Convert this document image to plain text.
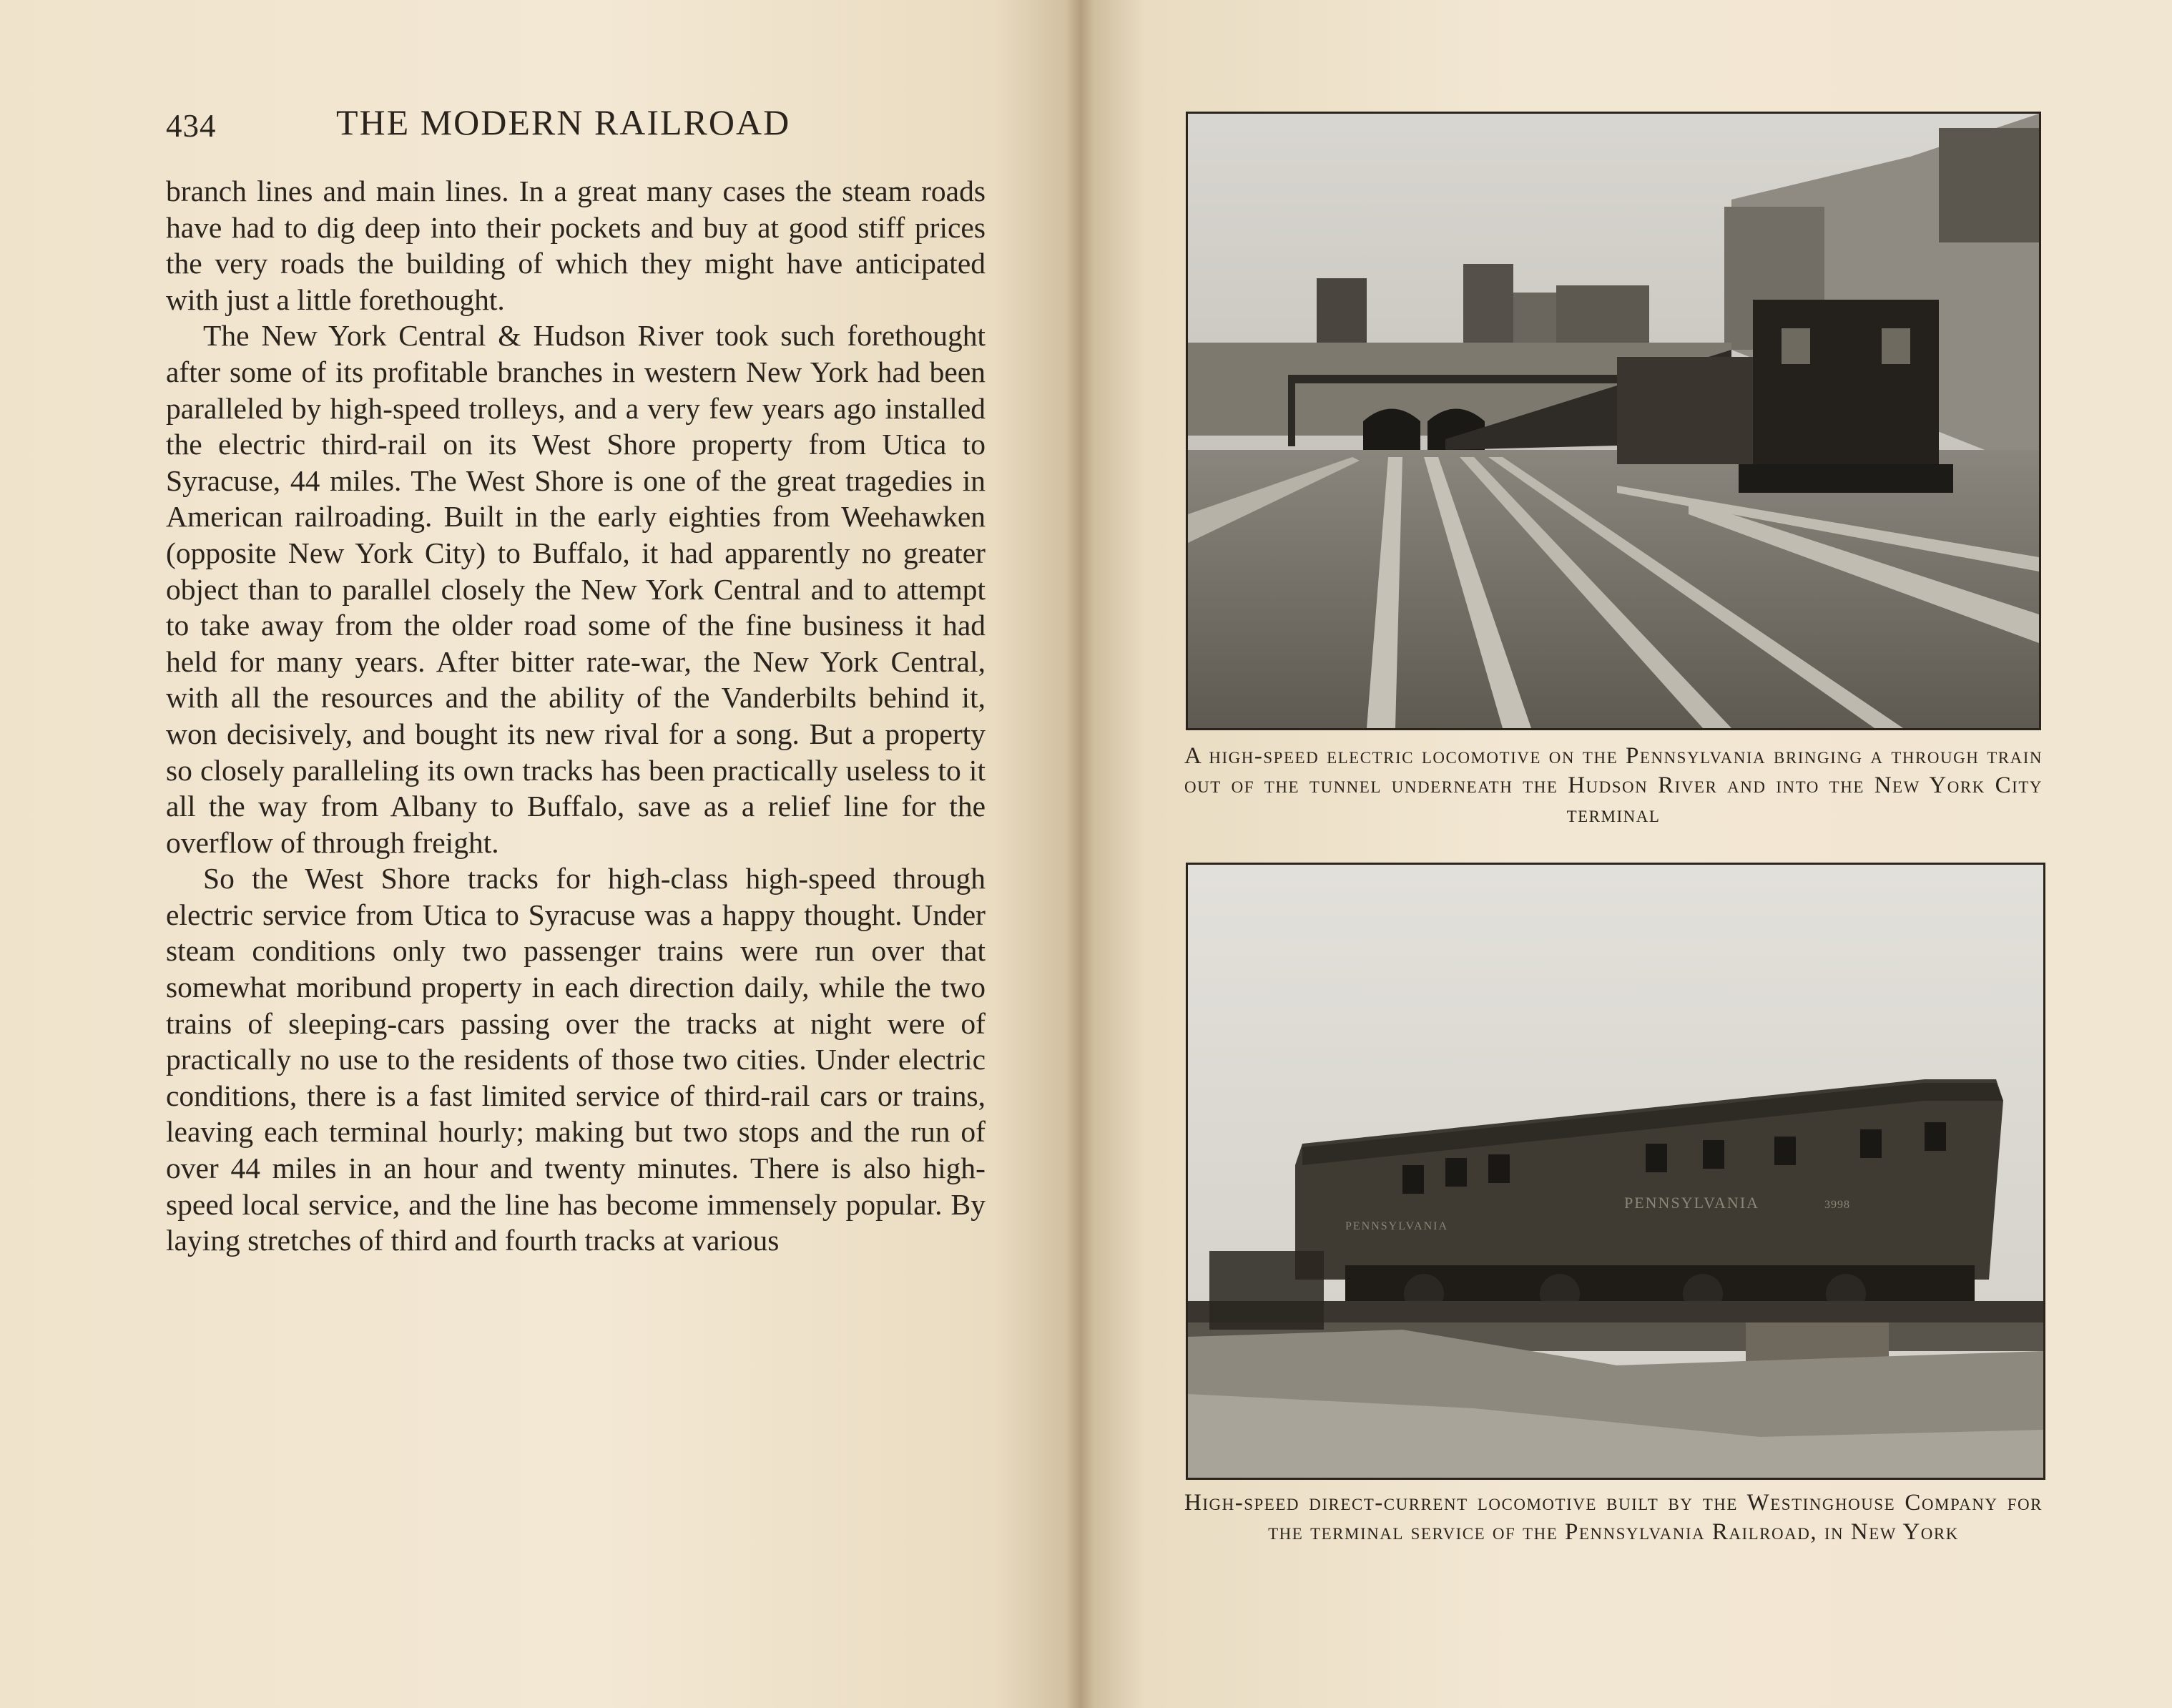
434	THE MODERN RAILROAD

branch lines and main lines. In a great many cases the steam roads have had to dig deep into their pockets and buy at good stiff prices the very roads the building of which they might have anticipated with just a little forethought.

The New York Central & Hudson River took such forethought after some of its profitable branches in western New York had been paralleled by high-speed trolleys, and a very few years ago installed the electric third-rail on its West Shore property from Utica to Syracuse, 44 miles. The West Shore is one of the great tragedies in American railroading. Built in the early eighties from Weehawken (opposite New York City) to Buffalo, it had apparently no greater object than to parallel closely the New York Central and to attempt to take away from the older road some of the fine business it had held for many years. After bitter rate-war, the New York Central, with all the resources and the ability of the Vanderbilts behind it, won decisively, and bought its new rival for a song. But a property so closely paralleling its own tracks has been practically useless to it all the way from Albany to Buffalo, save as a relief line for the overflow of through freight.

So the West Shore tracks for high-class high-speed through electric service from Utica to Syracuse was a happy thought. Under steam conditions only two passenger trains were run over that somewhat moribund property in each direction daily, while the two trains of sleeping-cars passing over the tracks at night were of practically no use to the residents of those two cities. Under electric conditions, there is a fast limited service of third-rail cars or trains, leaving each terminal hourly; making but two stops and the run of over 44 miles in an hour and twenty minutes. There is also high-speed local service, and the line has become immensely popular. By laying stretches of third and fourth tracks at various

A high-speed electric locomotive on the Pennsylvania bringing a through train out of the tunnel underneath the Hudson River and into the New York City terminal
PENNSYLVANIA
PENNSYLVANIA	3998
High-speed direct-current locomotive built by the Westinghouse Company for the terminal service of the Pennsylvania Railroad, in New York
